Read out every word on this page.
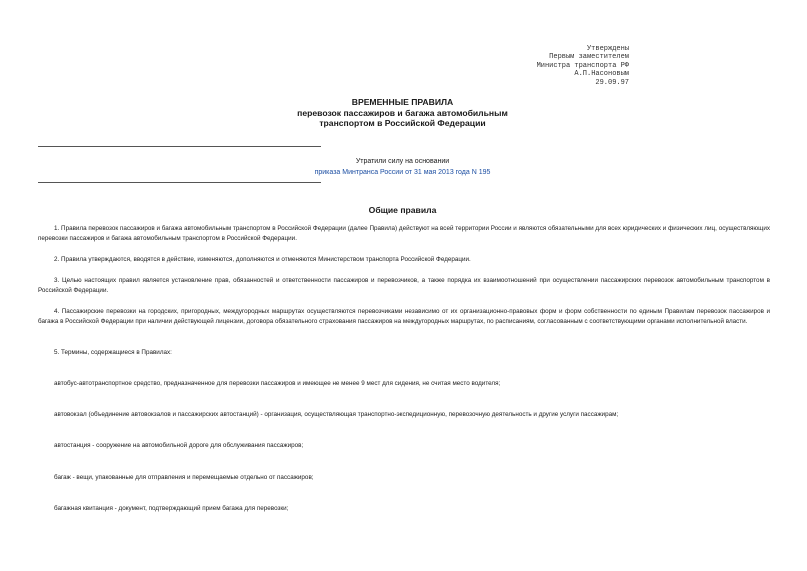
Утверждены
Первым заместителем
Министра транспорта РФ
А.П.Насоновым
29.09.97
ВРЕМЕННЫЕ ПРАВИЛА
перевозок пассажиров и багажа автомобильным
транспортом в Российской Федерации
Утратили силу на основании
приказа Минтранса России от 31 мая 2013 года N 195
Общие правила

1. Правила перевозок пассажиров и багажа автомобильным транспортом в Российской Федерации (далее Правила) действуют на всей территории России и являются обязательными для всех юридических и физических лиц, осуществляющих перевозки пассажиров и багажа автомобильным транспортом в Российской Федерации.

2. Правила утверждаются, вводятся в действие, изменяются, дополняются и отменяются Министерством транспорта Российской Федерации.

3. Целью настоящих правил является установление прав, обязанностей и ответственности пассажиров и перевозчиков, а также порядка их взаимоотношений при осуществлении пассажирских перевозок автомобильным транспортом в Российской Федерации.

4. Пассажирские перевозки на городских, пригородных, междугородных маршрутах осуществляются перевозчиками независимо от их организационно-правовых форм и форм собственности по единым Правилам перевозок пассажиров и багажа в Российской Федерации при наличии действующей лицензии, договора обязательного страхования пассажиров на междугородных маршрутах, по расписаниям, согласованным с соответствующими органами исполнительной власти.

5. Термины, содержащиеся в Правилах:

автобус-автотранспортное средство, предназначенное для перевозки пассажиров и имеющее не менее 9 мест для сидения, не считая место водителя;

автовокзал (объединение автовокзалов и пассажирских автостанций) - организация, осуществляющая транспортно-экспедиционную, перевозочную деятельность и другие услуги пассажирам;

автостанция - сооружение на автомобильной дороге для обслуживания пассажиров;

багаж - вещи, упакованные для отправления и перемещаемые отдельно от пассажиров;

багажная квитанция - документ, подтверждающий прием багажа для перевозки;
